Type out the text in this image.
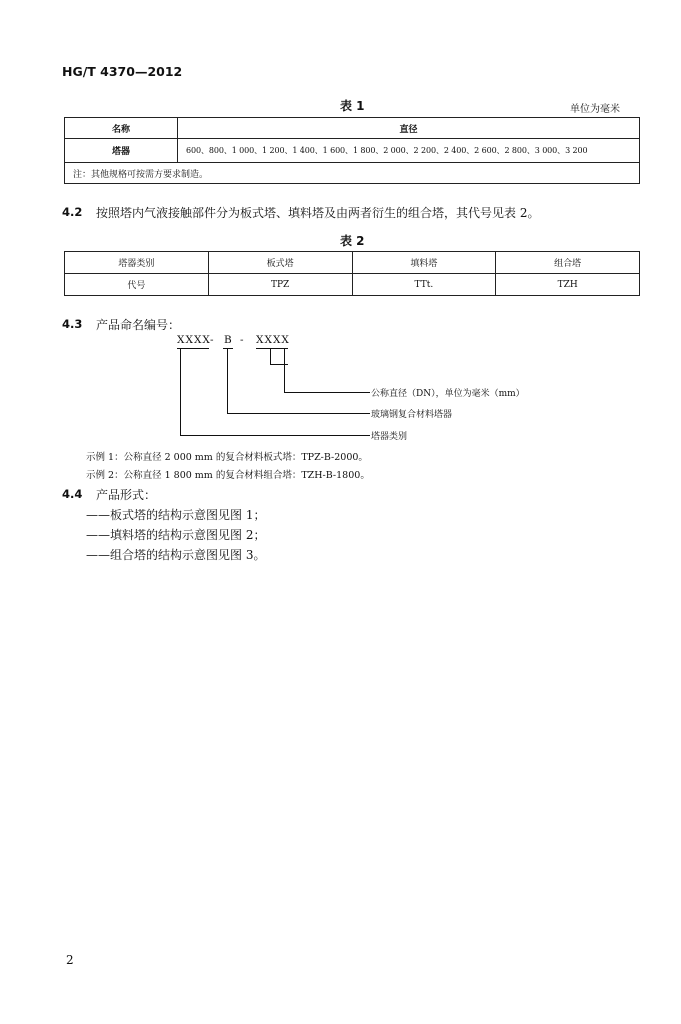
HG/T 4370—2012
表 1	单位为毫米
名称	直径
塔器	600、800、1 000、1 200、1 400、1 600、1 800、2 000、2 200、2 400、2 600、2 800、3 000、3 200
注：其他规格可按需方要求制造。	
4.2 按照塔内气液接触部件分为板式塔、填料塔及由两者衍生的组合塔，其代号见表 2。
表 2
塔器类别	板式塔	填料塔	组合塔
代号	TPZ	TTt.	TZH
4.3 产品命名编号：
XXXX - B - XXXX
公称直径（DN），单位为毫米（mm）
玻璃钢复合材料塔器
塔器类别
示例 1：公称直径 2 000 mm 的复合材料板式塔：TPZ-B-2000。
示例 2：公称直径 1 800 mm 的复合材料组合塔：TZH-B-1800。
4.4 产品形式：
——板式塔的结构示意图见图 1；
——填料塔的结构示意图见图 2；
——组合塔的结构示意图见图 3。
2
